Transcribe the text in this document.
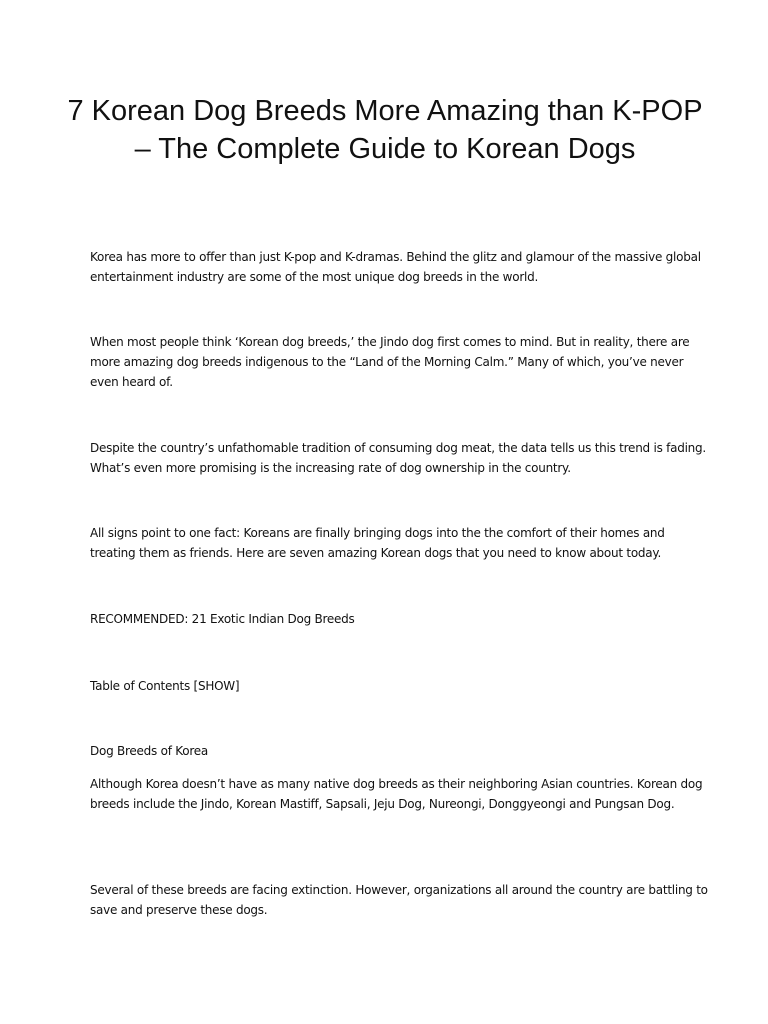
7 Korean Dog Breeds More Amazing than K-POP – The Complete Guide to Korean Dogs

Korea has more to offer than just K-pop and K-dramas. Behind the glitz and glamour of the massive global entertainment industry are some of the most unique dog breeds in the world.

When most people think ‘Korean dog breeds,’ the Jindo dog first comes to mind. But in reality, there are more amazing dog breeds indigenous to the “Land of the Morning Calm.” Many of which, you’ve never even heard of.

Despite the country’s unfathomable tradition of consuming dog meat, the data tells us this trend is fading. What’s even more promising is the increasing rate of dog ownership in the country.

All signs point to one fact: Koreans are finally bringing dogs into the the comfort of their homes and treating them as friends. Here are seven amazing Korean dogs that you need to know about today.

RECOMMENDED: 21 Exotic Indian Dog Breeds

Table of Contents [SHOW]

Dog Breeds of Korea

Although Korea doesn’t have as many native dog breeds as their neighboring Asian countries. Korean dog breeds include the Jindo, Korean Mastiff, Sapsali, Jeju Dog, Nureongi, Donggyeongi and Pungsan Dog.

Several of these breeds are facing extinction. However, organizations all around the country are battling to save and preserve these dogs.
